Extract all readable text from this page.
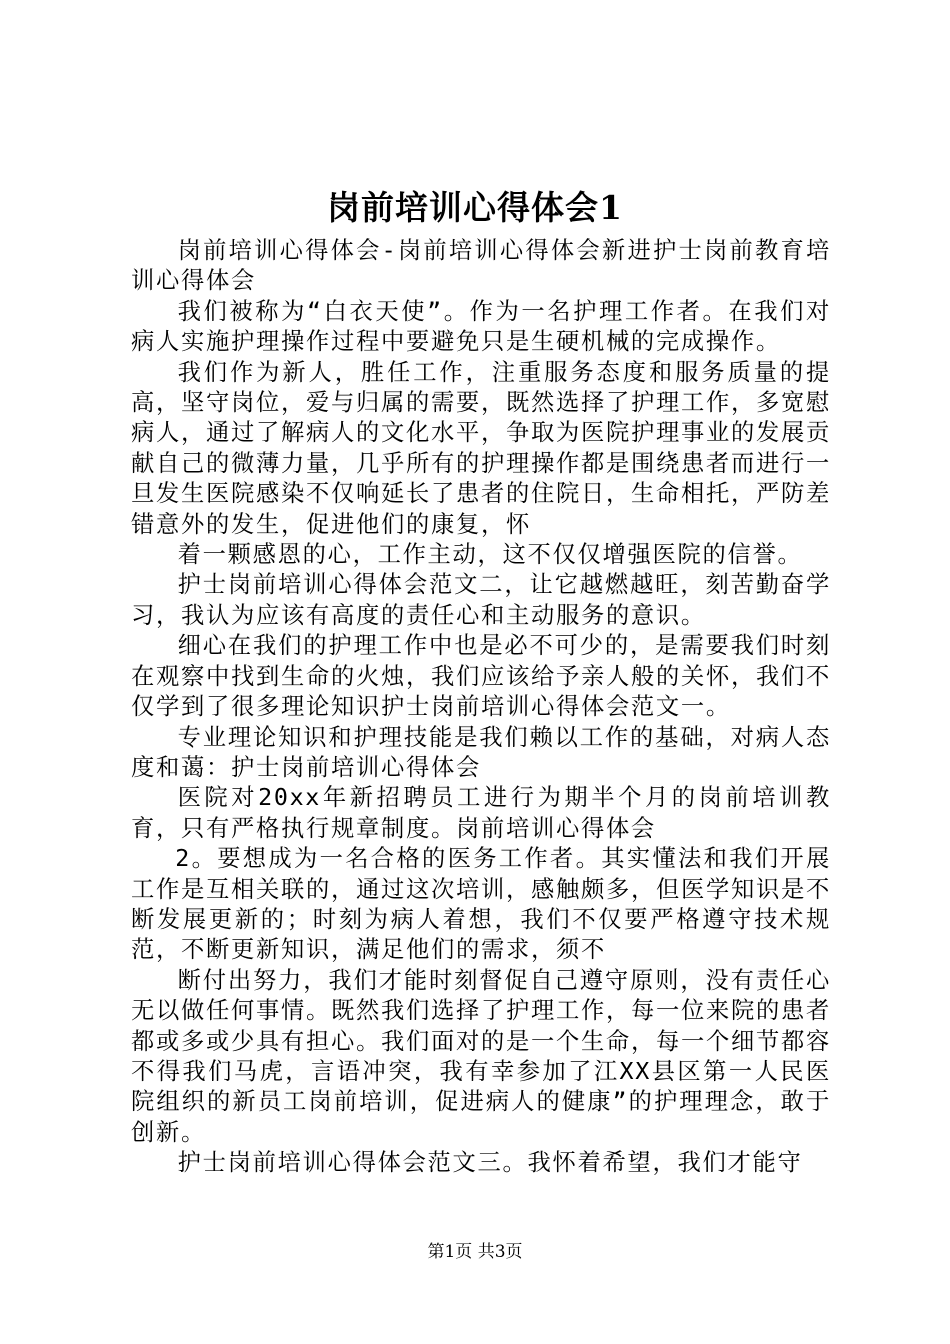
岗前培训心得体会1

岗前培训心得体会-岗前培训心得体会新进护士岗前教育培训心得体会

我们被称为“白衣天使”。作为一名护理工作者。在我们对病人实施护理操作过程中要避免只是生硬机械的完成操作。

我们作为新人，胜任工作，注重服务态度和服务质量的提高，坚守岗位，爱与归属的需要，既然选择了护理工作，多宽慰病人，通过了解病人的文化水平，争取为医院护理事业的发展贡献自己的微薄力量，几乎所有的护理操作都是围绕患者而进行一旦发生医院感染不仅响延长了患者的住院日，生命相托，严防差错意外的发生，促进他们的康复，怀

着一颗感恩的心，工作主动，这不仅仅增强医院的信誉。

护士岗前培训心得体会范文二，让它越燃越旺，刻苦勤奋学习，我认为应该有高度的责任心和主动服务的意识。

细心在我们的护理工作中也是必不可少的，是需要我们时刻在观察中找到生命的火烛，我们应该给予亲人般的关怀，我们不仅学到了很多理论知识护士岗前培训心得体会范文一。

专业理论知识和护理技能是我们赖以工作的基础，对病人态度和蔼：护士岗前培训心得体会

医院对20xx年新招聘员工进行为期半个月的岗前培训教育，只有严格执行规章制度。岗前培训心得体会

2。要想成为一名合格的医务工作者。其实懂法和我们开展工作是互相关联的，通过这次培训，感触颇多，但医学知识是不断发展更新的；时刻为病人着想，我们不仅要严格遵守技术规范，不断更新知识，满足他们的需求，须不

断付出努力，我们才能时刻督促自己遵守原则，没有责任心无以做任何事情。既然我们选择了护理工作，每一位来院的患者都或多或少具有担心。我们面对的是一个生命，每一个细节都容不得我们马虎，言语冲突，我有幸参加了江XX县区第一人民医院组织的新员工岗前培训，促进病人的健康”的护理理念，敢于创新。

护士岗前培训心得体会范文三。我怀着希望，我们才能守

第1页 共3页
